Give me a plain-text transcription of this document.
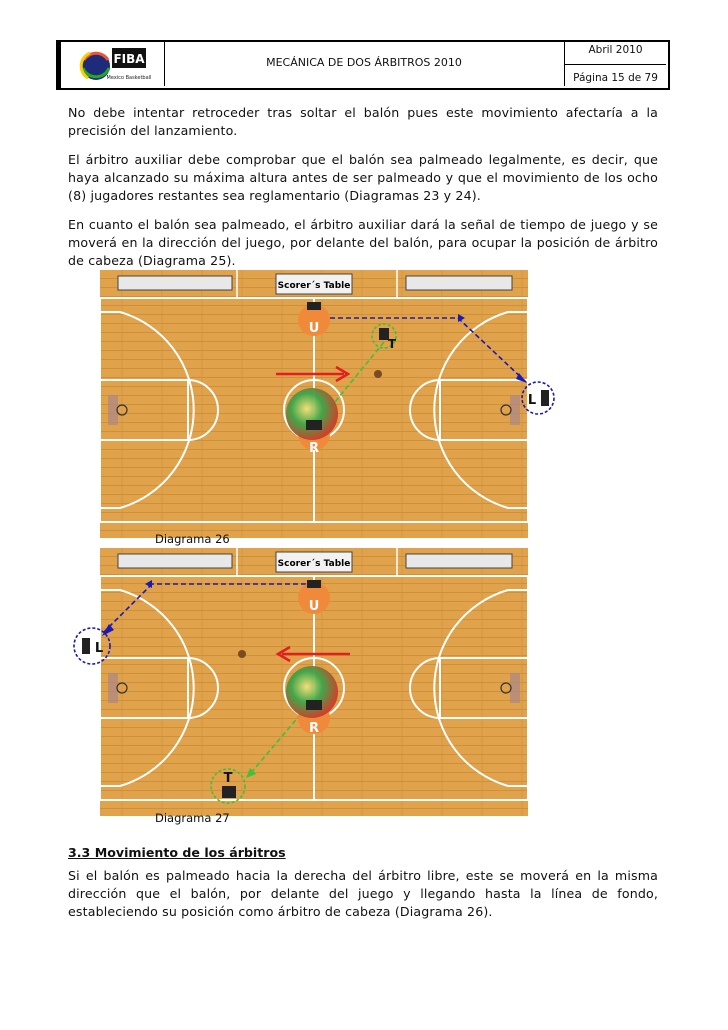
FIBA
Mexico Basketball
MECÁNICA DE DOS ÁRBITROS 2010
Abril 2010
Página 15 de 79
No debe intentar retroceder tras soltar el balón pues este movimiento afectaría a la precisión del lanzamiento.
El árbitro auxiliar debe comprobar que el balón sea palmeado legalmente, es decir, que haya alcanzado su máxima altura antes de ser palmeado y que el movimiento de los ocho (8) jugadores restantes sea reglamentario (Diagramas 23 y 24).
En cuanto el balón sea palmeado, el árbitro auxiliar dará la señal de tiempo de juego y se moverá en la dirección del juego, por delante del balón, para ocupar la posición de árbitro de cabeza (Diagrama 25).
Scorer´s Table
U
T
L
R
Diagrama 26
Scorer´s Table
U
R
T
L
Diagrama 27
3.3 Movimiento de los árbitros
Si el balón es palmeado hacia la derecha del árbitro libre, este se moverá en la misma dirección que el balón, por delante del juego y llegando hasta la línea de fondo, estableciendo su posición como árbitro de cabeza (Diagrama 26).
